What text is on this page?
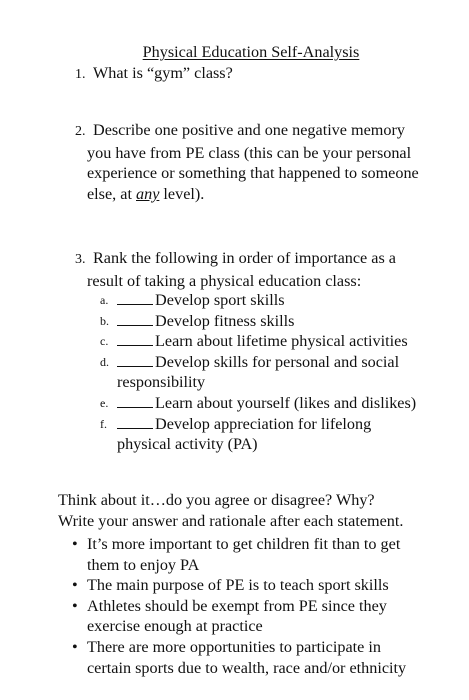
Physical Education Self-Analysis
1. What is “gym” class?
2. Describe one positive and one negative memory
you have from PE class (this can be your personal
experience or something that happened to someone
else, at any level).
3. Rank the following in order of importance as a
result of taking a physical education class:
a.	Develop sport skills
b.	Develop fitness skills
c.	Learn about lifetime physical activities
d.	Develop skills for personal and social
responsibility
e.	Learn about yourself (likes and dislikes)
f.	Develop appreciation for lifelong
physical activity (PA)
Think about it…do you agree or disagree? Why?
Write your answer and rationale after each statement.
• It’s more important to get children fit than to get
them to enjoy PA
• The main purpose of PE is to teach sport skills
• Athletes should be exempt from PE since they
exercise enough at practice
• There are more opportunities to participate in
certain sports due to wealth, race and/or ethnicity
